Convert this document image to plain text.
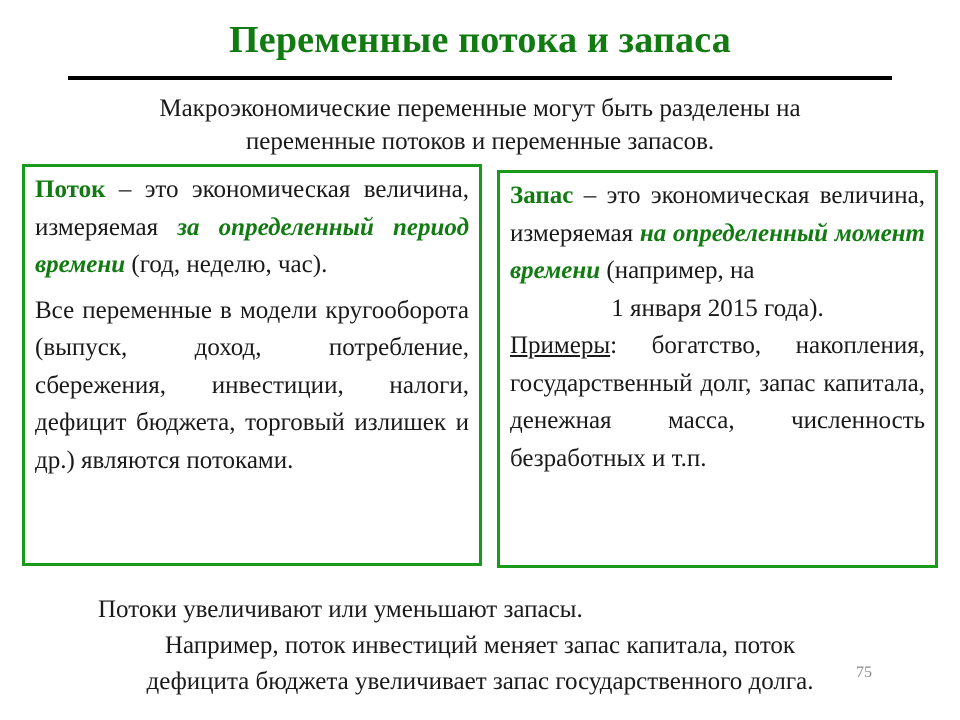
Переменные потока и запаса
Макроэкономические переменные могут быть разделены на
переменные потоков и переменные запасов.

Поток – это экономическая величина, измеряемая за определенный период времени (год, неделю, час).

Все переменные в модели кругооборота (выпуск, доход, потребление, сбережения, инвестиции, налоги, дефицит бюджета, торговый излишек и др.) являются потоками.

Запас – это экономическая величина, измеряемая на определенный момент времени (например, на
1 января 2015 года).

Примеры: богатство, накопления, государственный долг, запас капитала, денежная масса, численность безработных и т.п.

Потоки увеличивают или уменьшают запасы.
Например, поток инвестиций меняет запас капитала, поток
дефицита бюджета увеличивает запас государственного долга.	75
